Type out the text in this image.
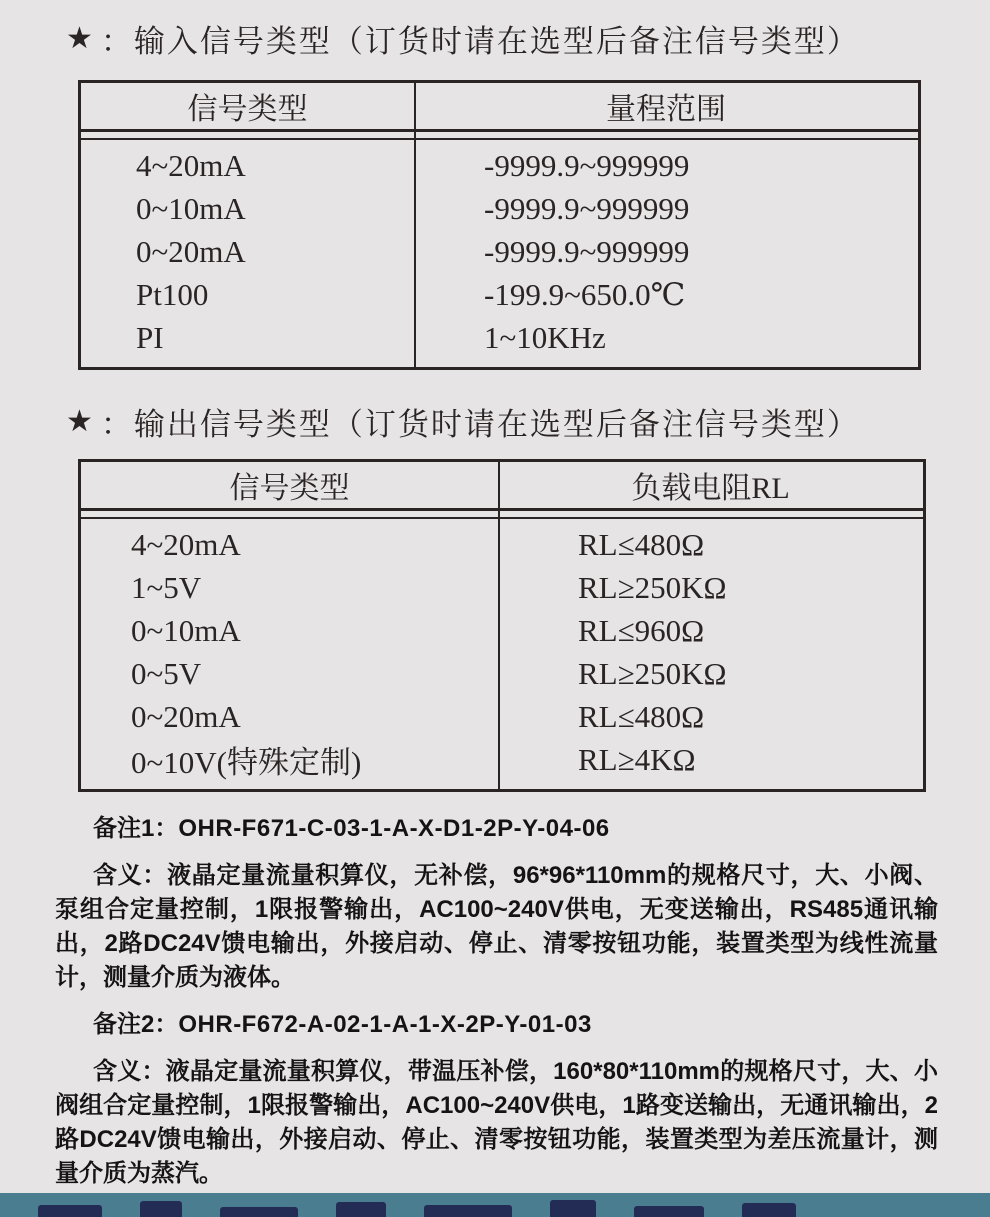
★ ： 输入信号类型（订货时请在选型后备注信号类型）
信号类型	量程范围
4~20mA	-9999.9~999999
0~10mA	-9999.9~999999
0~20mA	-9999.9~999999
Pt100	-199.9~650.0℃
PI	1~10KHz
★ ： 输出信号类型（订货时请在选型后备注信号类型）
信号类型	负载电阻RL
4~20mA	RL≤480Ω
1~5V	RL≥250KΩ
0~10mA	RL≤960Ω
0~5V	RL≥250KΩ
0~20mA	RL≤480Ω
0~10V(特殊定制)	RL≥4KΩ

备注1：OHR-F671-C-03-1-A-X-D1-2P-Y-04-06

含义：液晶定量流量积算仪，无补偿，96*96*110mm的规格尺寸，大、小阀、泵组合定量控制，1限报警输出，AC100~240V供电，无变送输出，RS485通讯输出，2路DC24V馈电输出，外接启动、停止、清零按钮功能，装置类型为线性流量计，测量介质为液体。

备注2：OHR-F672-A-02-1-A-1-X-2P-Y-01-03

含义：液晶定量流量积算仪，带温压补偿，160*80*110mm的规格尺寸，大、小阀组合定量控制，1限报警输出，AC100~240V供电，1路变送输出，无通讯输出，2路DC24V馈电输出，外接启动、停止、清零按钮功能，装置类型为差压流量计，测量介质为蒸汽。
